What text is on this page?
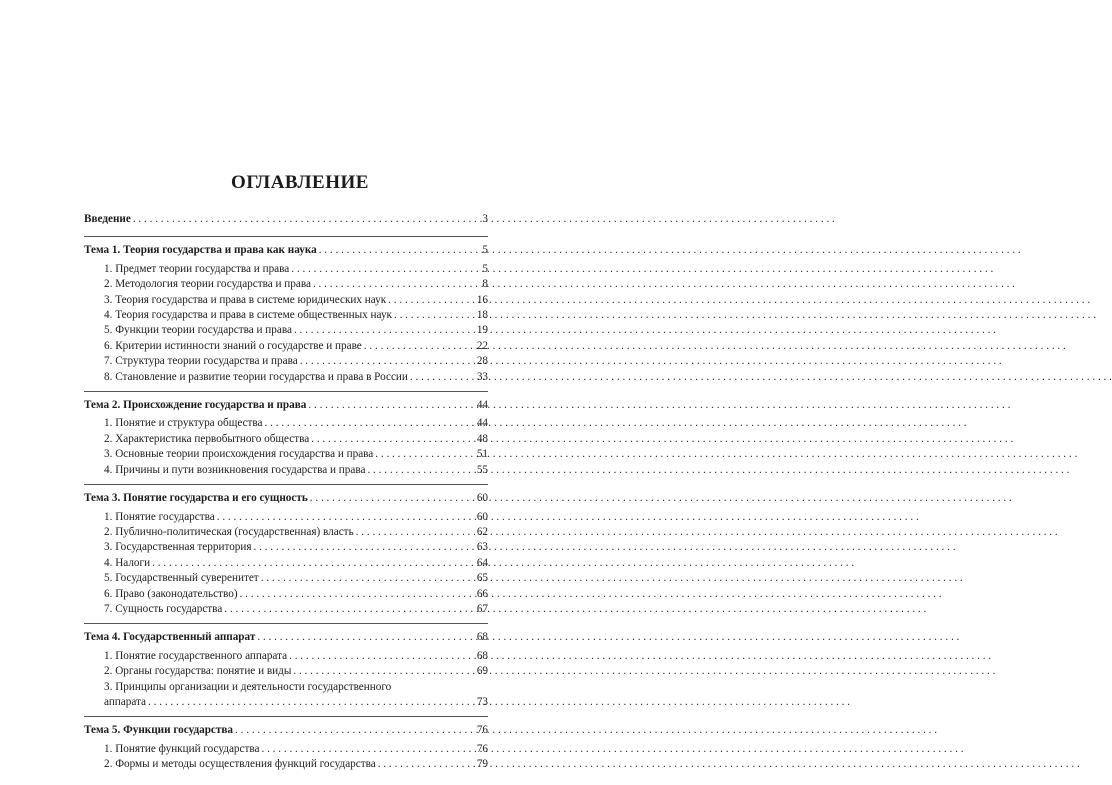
ОГЛАВЛЕНИЕ
Введение . . .	3
Тема 1. Теория государства и права как наука . . .	5
1. Предмет теории государства и права . . .	5
2. Методология теории государства и права . . .	8
3. Теория государства и права в системе юридических наук . . .	16
4. Теория государства и права в системе общественных наук . . .	18
5. Функции теории государства и права . . .	19
6. Критерии истинности знаний о государстве и праве . . .	22
7. Структура теории государства и права . . .	28
8. Становление и развитие теории государства и права в России . . .	33
Тема 2. Происхождение государства и права . . .	44
1. Понятие и структура общества . . .	44
2. Характеристика первобытного общества . . .	48
3. Основные теории происхождения государства и права . . .	51
4. Причины и пути возникновения государства и права . . .	55
Тема 3. Понятие государства и его сущность . . .	60
1. Понятие государства . . .	60
2. Публично-политическая (государственная) власть . . .	62
3. Государственная территория . . .	63
4. Налоги . . .	64
5. Государственный суверенитет . . .	65
6. Право (законодательство) . . .	66
7. Сущность государства . . .	67
Тема 4. Государственный аппарат . . .	68
1. Понятие государственного аппарата . . .	68
2. Органы государства: понятие и виды . . .	69
3. Принципы организации и деятельности государственного
аппарата . . .	73
Тема 5. Функции государства . . .	76
1. Понятие функций государства . . .	76
2. Формы и методы осуществления функций государства . . .	79
